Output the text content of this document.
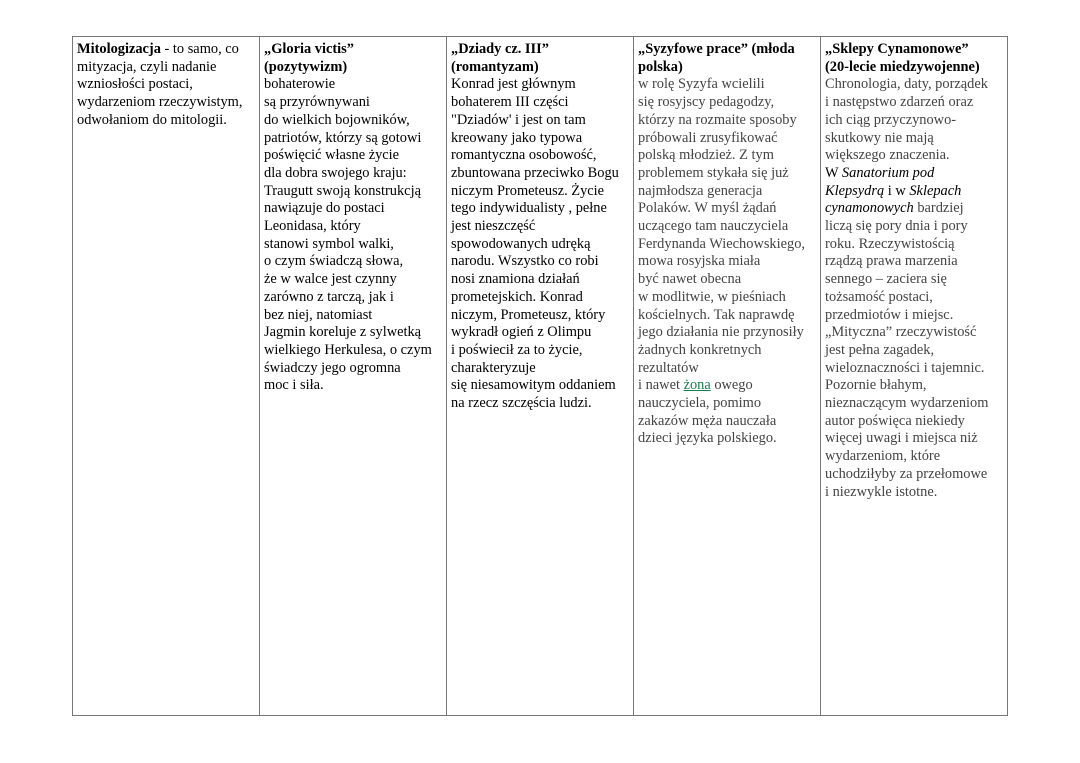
Mitologizacja - to samo, co
mityzacja, czyli nadanie
wzniosłości postaci,
wydarzeniom rzeczywistym,
odwołaniom do mitologii.

„Gloria victis”
(pozytywizm)
bohaterowie
są przyrównywani
do wielkich bojowników,
patriotów, którzy są gotowi
poświęcić własne życie
dla dobra swojego kraju:
Traugutt swoją konstrukcją
nawiązuje do postaci
Leonidasa, który
stanowi symbol walki,
o czym świadczą słowa,
że w walce jest czynny
zarówno z tarczą, jak i
bez niej, natomiast
Jagmin koreluje z sylwetką
wielkiego Herkulesa, o czym
świadczy jego ogromna
moc i siła.

„Dziady cz. III”
(romantyzam)
Konrad jest głównym
bohaterem III części
"Dziadów' i jest on tam
kreowany jako typowa
romantyczna osobowość,
zbuntowana przeciwko Bogu
niczym Prometeusz. Życie
tego indywidualisty , pełne
jest nieszczęść
spowodowanych udręką
narodu. Wszystko co robi
nosi znamiona działań
prometejskich. Konrad
niczym, Prometeusz, który
wykradł ogień z Olimpu
i poświecił za to życie,
charakteryzuje
się niesamowitym oddaniem
na rzecz szczęścia ludzi.

„Syzyfowe prace” (młoda
polska)
w rolę Syzyfa wcielili
się rosyjscy pedagodzy,
którzy na rozmaite sposoby
próbowali zrusyfikować
polską młodzież. Z tym
problemem stykała się już
najmłodsza generacja
Polaków. W myśl żądań
uczącego tam nauczyciela
Ferdynanda Wiechowskiego,
mowa rosyjska miała
być nawet obecna
w modlitwie, w pieśniach
kościelnych. Tak naprawdę
jego działania nie przynosiły
żadnych konkretnych
rezultatów
i nawet żona owego
nauczyciela, pomimo
zakazów męża nauczała
dzieci języka polskiego.

„Sklepy Cynamonowe”
(20-lecie miedzywojenne)
Chronologia, daty, porządek
i następstwo zdarzeń oraz
ich ciąg przyczynowo-
skutkowy nie mają
większego znaczenia.
W Sanatorium pod
Klepsydrą i w Sklepach
cynamonowych bardziej
liczą się pory dnia i pory
roku. Rzeczywistością
rządzą prawa marzenia
sennego – zaciera się
tożsamość postaci,
przedmiotów i miejsc.
„Mityczna” rzeczywistość
jest pełna zagadek,
wieloznaczności i tajemnic.
Pozornie błahym,
nieznaczącym wydarzeniom
autor poświęca niekiedy
więcej uwagi i miejsca niż
wydarzeniom, które
uchodziłyby za przełomowe
i niezwykle istotne.
